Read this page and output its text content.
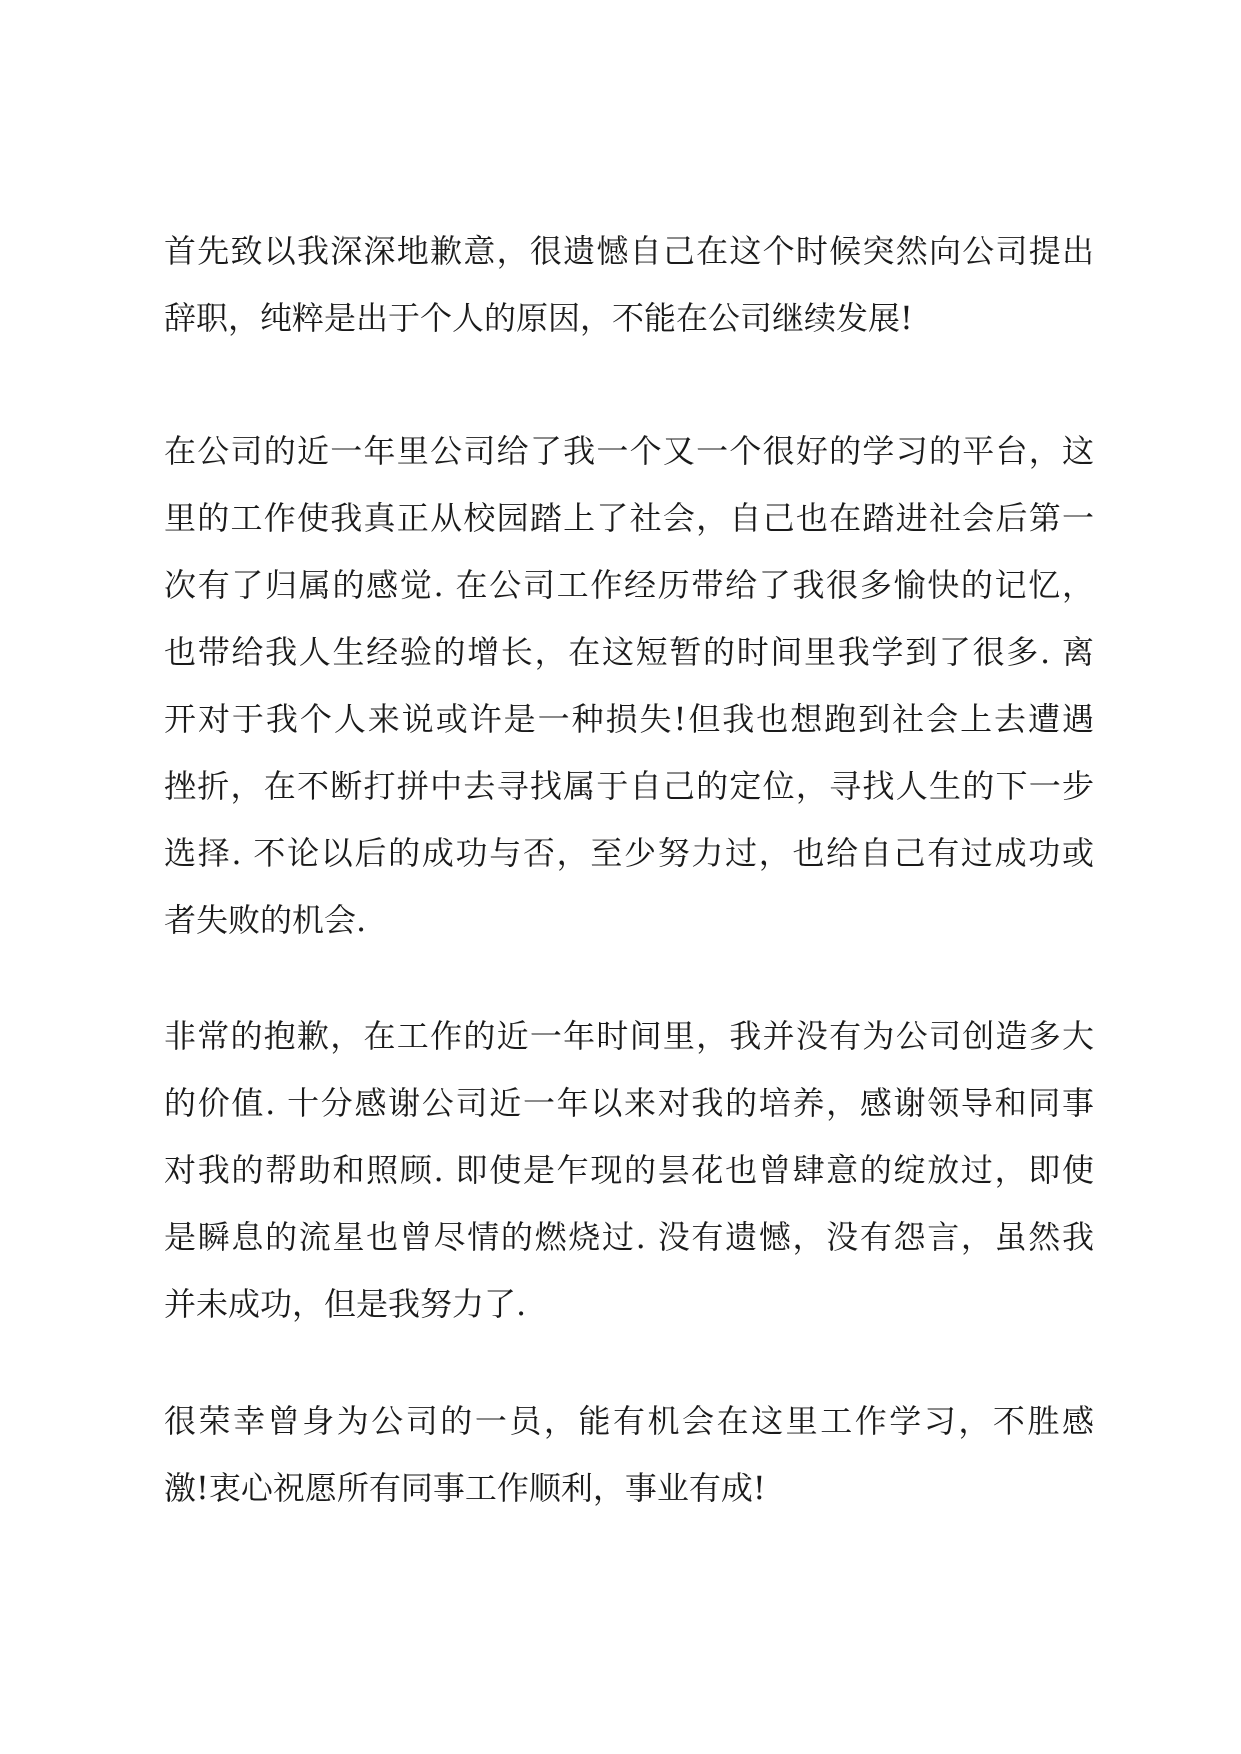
首先致以我深深地歉意，很遗憾自己在这个时候突然向公司提出
辞职，纯粹是出于个人的原因，不能在公司继续发展!

在公司的近一年里公司给了我一个又一个很好的学习的平台，这
里的工作使我真正从校园踏上了社会，自己也在踏进社会后第一
次有了归属的感觉. 在公司工作经历带给了我很多愉快的记忆，
也带给我人生经验的增长，在这短暂的时间里我学到了很多. 离
开对于我个人来说或许是一种损失!但我也想跑到社会上去遭遇
挫折，在不断打拼中去寻找属于自己的定位，寻找人生的下一步
选择. 不论以后的成功与否，至少努力过，也给自己有过成功或
者失败的机会.

非常的抱歉，在工作的近一年时间里，我并没有为公司创造多大
的价值. 十分感谢公司近一年以来对我的培养，感谢领导和同事
对我的帮助和照顾. 即使是乍现的昙花也曾肆意的绽放过，即使
是瞬息的流星也曾尽情的燃烧过. 没有遗憾，没有怨言，虽然我
并未成功，但是我努力了.

很荣幸曾身为公司的一员，能有机会在这里工作学习，不胜感
激!衷心祝愿所有同事工作顺利，事业有成!
